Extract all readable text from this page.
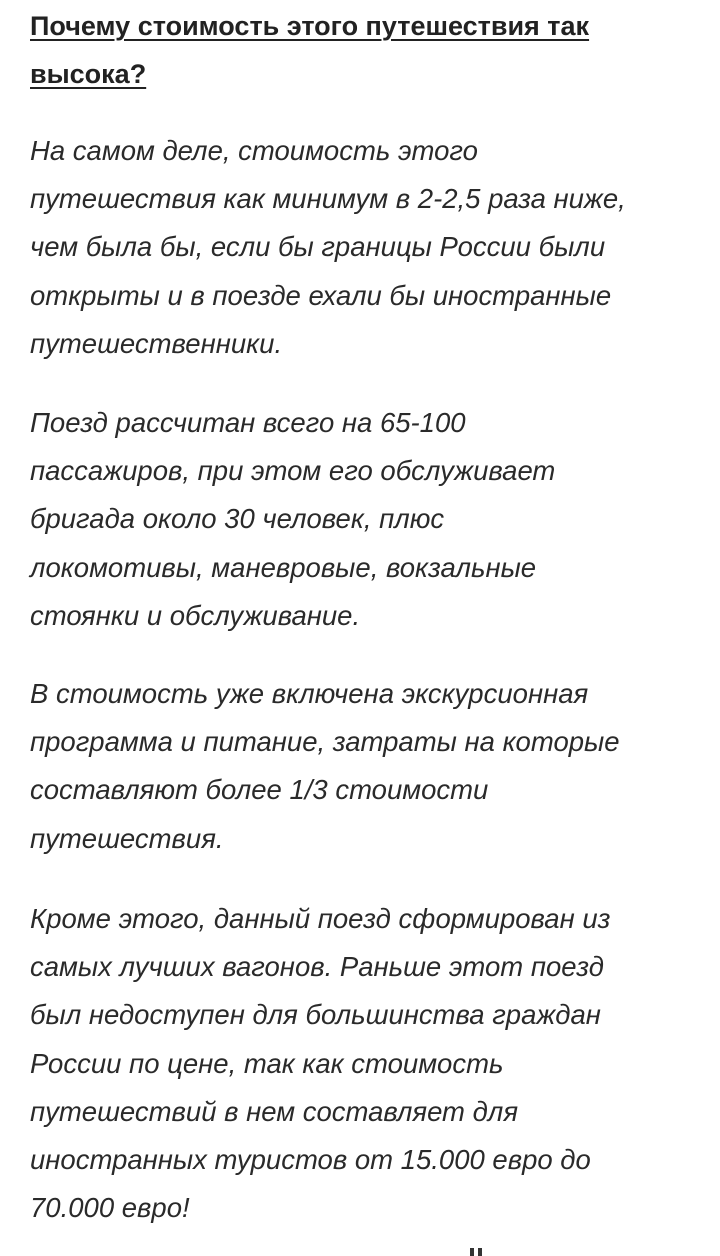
Почему стоимость этого путешествия так
высока?

На самом деле, стоимость этого
путешествия как минимум в 2-2,5 раза ниже,
чем была бы, если бы границы России были
открыты и в поезде ехали бы иностранные
путешественники.

Поезд рассчитан всего на 65-100
пассажиров, при этом его обслуживает
бригада около 30 человек, плюс
локомотивы, маневровые, вокзальные
стоянки и обслуживание.

В стоимость уже включена экскурсионная
программа и питание, затраты на которые
составляют более 1/3 стоимости
путешествия.

Кроме этого, данный поезд сформирован из
самых лучших вагонов. Раньше этот поезд
был недоступен для большинства граждан
России по цене, так как стоимость
путешествий в нем составляет для
иностранных туристов от 15.000 евро до
70.000 евро!
